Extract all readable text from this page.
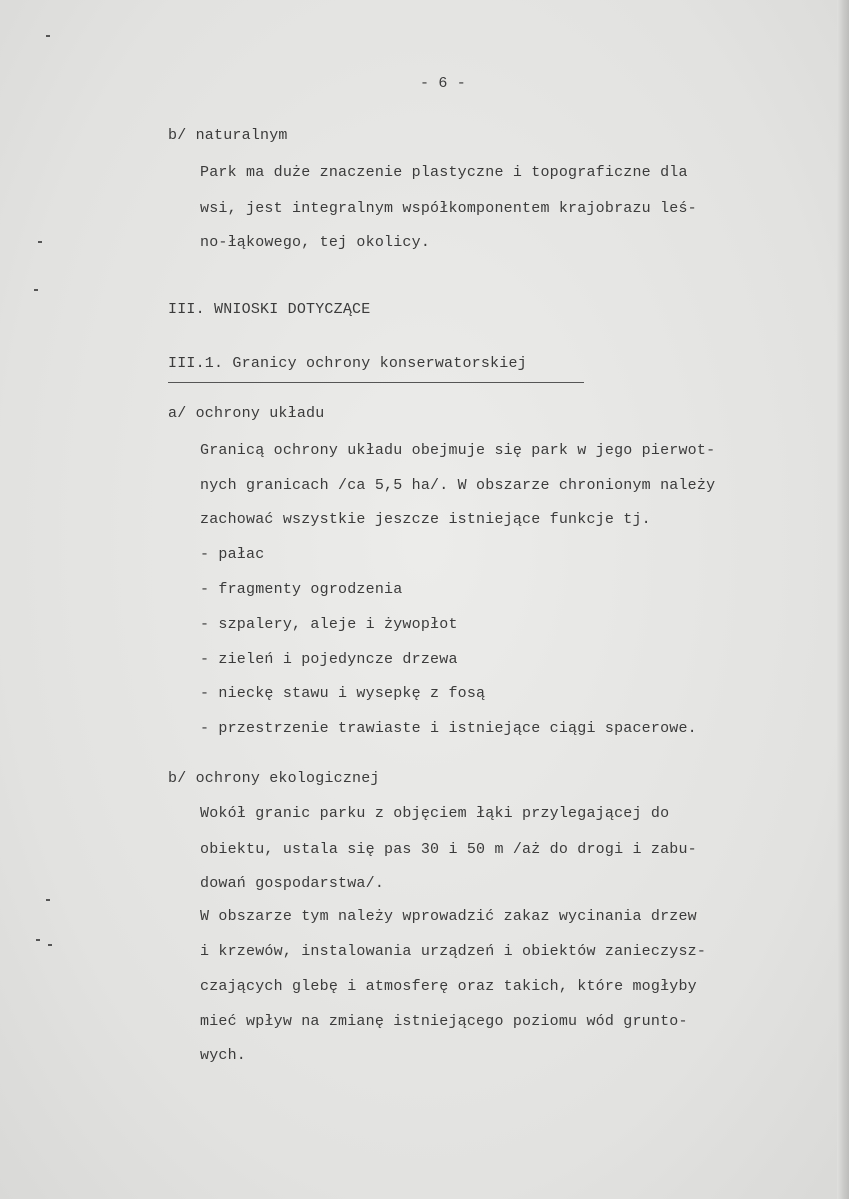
- 6 -
b/ naturalnym
Park ma duże znaczenie plastyczne i topograficzne dla
wsi, jest integralnym współkomponentem krajobrazu leś-
no-łąkowego, tej okolicy.
III. WNIOSKI DOTYCZĄCE
III.1. Granicy ochrony konserwatorskiej
a/ ochrony układu
Granicą ochrony układu obejmuje się park w jego pierwot-
nych granicach /ca 5,5 ha/. W obszarze chronionym należy
zachować wszystkie jeszcze istniejące funkcje tj.
- pałac
- fragmenty ogrodzenia
- szpalery, aleje i żywopłot
- zieleń i pojedyncze drzewa
- nieckę stawu i wysepkę z fosą
- przestrzenie trawiaste i istniejące ciągi spacerowe.
b/ ochrony ekologicznej
Wokół granic parku z objęciem łąki przylegającej do
obiektu, ustala się pas 30 i 50 m /aż do drogi i zabu-
dowań gospodarstwa/.
W obszarze tym należy wprowadzić zakaz wycinania drzew
i krzewów, instalowania urządzeń i obiektów zanieczysz-
czających glebę i atmosferę oraz takich, które mogłyby
mieć wpływ na zmianę istniejącego poziomu wód grunto-
wych.
